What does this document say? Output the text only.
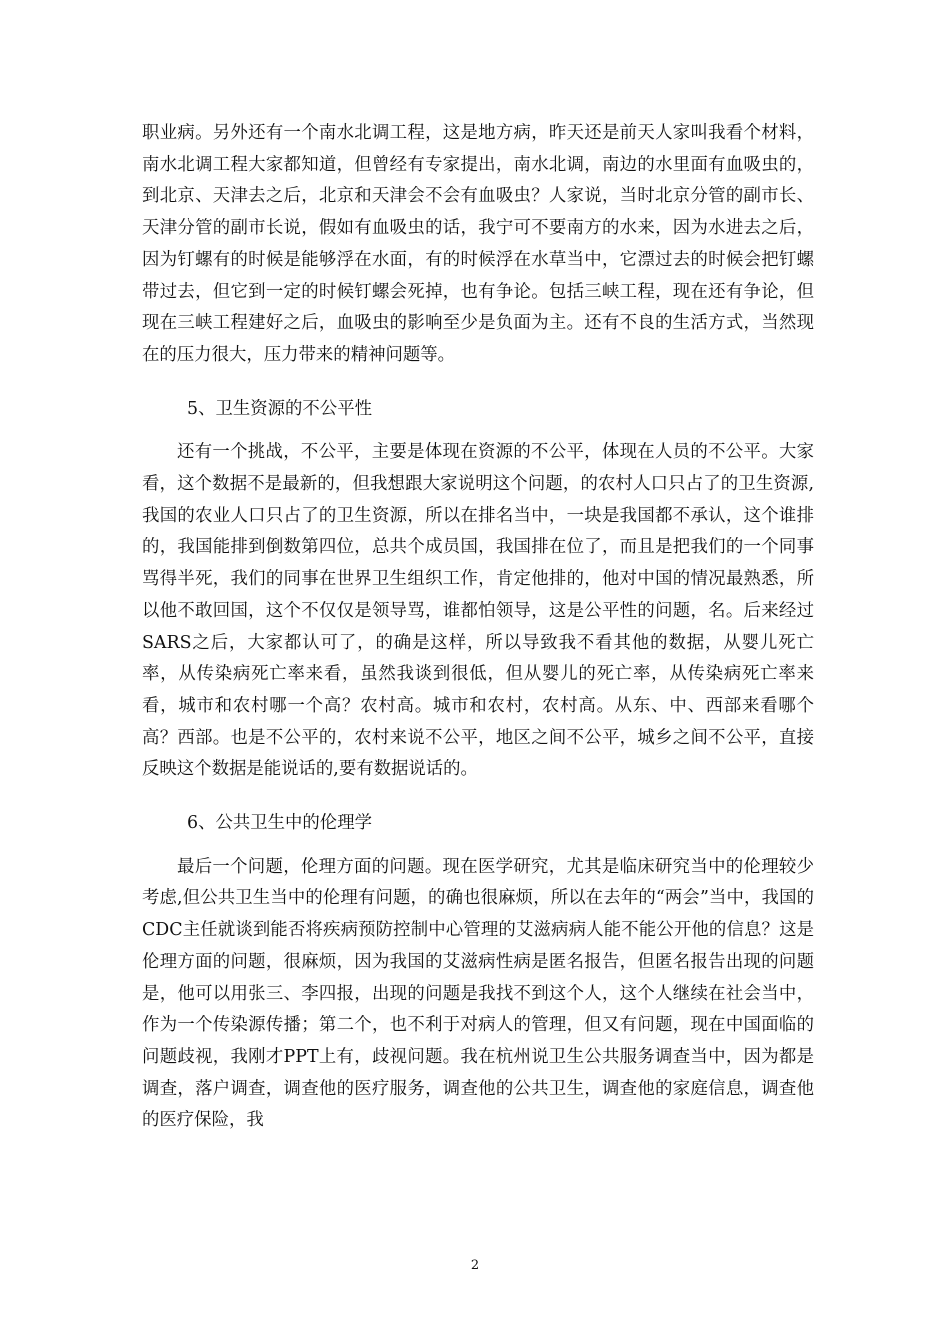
职业病。另外还有一个南水北调工程，这是地方病，昨天还是前天人家叫我看个材料，南水北调工程大家都知道，但曾经有专家提出，南水北调，南边的水里面有血吸虫的，到北京、天津去之后，北京和天津会不会有血吸虫？人家说，当时北京分管的副市长、天津分管的副市长说，假如有血吸虫的话，我宁可不要南方的水来，因为水进去之后，因为钉螺有的时候是能够浮在水面，有的时候浮在水草当中，它漂过去的时候会把钉螺带过去，但它到一定的时候钉螺会死掉，也有争论。包括三峡工程，现在还有争论，但现在三峡工程建好之后，血吸虫的影响至少是负面为主。还有不良的生活方式，当然现在的压力很大，压力带来的精神问题等。

5、卫生资源的不公平性

还有一个挑战，不公平，主要是体现在资源的不公平，体现在人员的不公平。大家看，这个数据不是最新的，但我想跟大家说明这个问题，的农村人口只占了的卫生资源,我国的农业人口只占了的卫生资源，所以在排名当中，一块是我国都不承认，这个谁排的，我国能排到倒数第四位，总共个成员国，我国排在位了，而且是把我们的一个同事骂得半死，我们的同事在世界卫生组织工作，肯定他排的，他对中国的情况最熟悉，所以他不敢回国，这个不仅仅是领导骂，谁都怕领导，这是公平性的问题，名。后来经过SARS之后，大家都认可了，的确是这样，所以导致我不看其他的数据，从婴儿死亡率，从传染病死亡率来看，虽然我谈到很低，但从婴儿的死亡率，从传染病死亡率来看，城市和农村哪一个高？农村高。城市和农村，农村高。从东、中、西部来看哪个高？西部。也是不公平的，农村来说不公平，地区之间不公平，城乡之间不公平，直接反映这个数据是能说话的,要有数据说话的。

6、公共卫生中的伦理学

最后一个问题，伦理方面的问题。现在医学研究，尤其是临床研究当中的伦理较少考虑,但公共卫生当中的伦理有问题，的确也很麻烦，所以在去年的“两会”当中，我国的CDC主任就谈到能否将疾病预防控制中心管理的艾滋病病人能不能公开他的信息？这是伦理方面的问题，很麻烦，因为我国的艾滋病性病是匿名报告，但匿名报告出现的问题是，他可以用张三、李四报，出现的问题是我找不到这个人，这个人继续在社会当中，作为一个传染源传播；第二个，也不利于对病人的管理，但又有问题，现在中国面临的问题歧视，我刚才PPT上有，歧视问题。我在杭州说卫生公共服务调查当中，因为都是调查，落户调查，调查他的医疗服务，调查他的公共卫生，调查他的家庭信息，调查他的医疗保险，我

2
